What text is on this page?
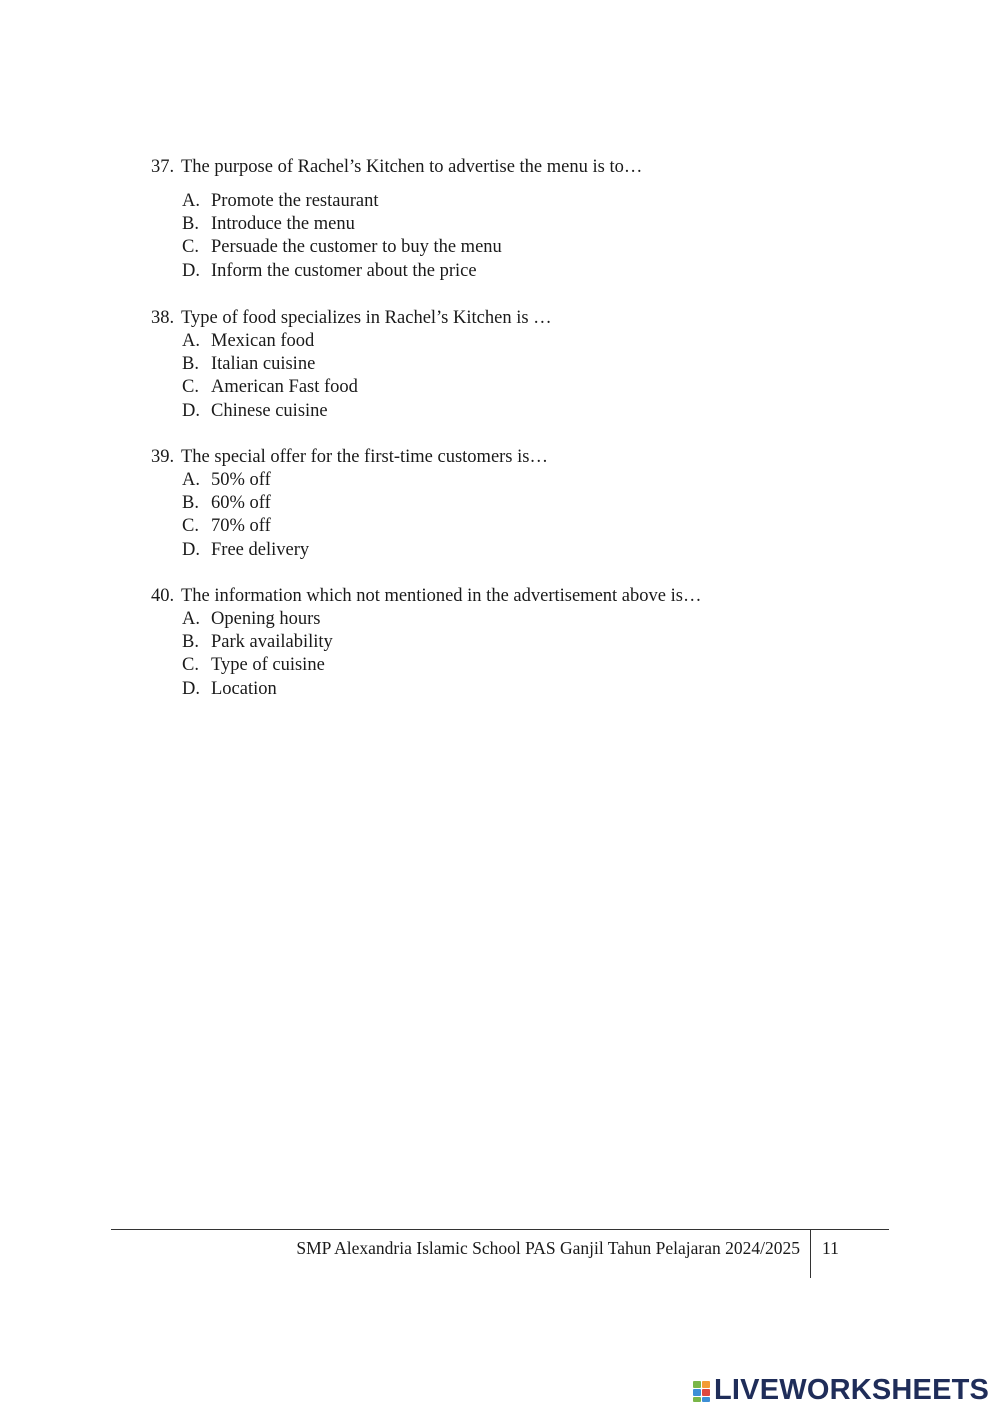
37. The purpose of Rachel’s Kitchen to advertise the menu is to…
A. Promote the restaurant
B. Introduce the menu
C. Persuade the customer to buy the menu
D. Inform the customer about the price
38. Type of food specializes in Rachel’s Kitchen is …
A. Mexican food
B. Italian cuisine
C. American Fast food
D. Chinese cuisine
39. The special offer for the first-time customers is…
A. 50% off
B. 60% off
C. 70% off
D. Free delivery
40. The information which not mentioned in the advertisement above is…
A. Opening hours
B. Park availability
C. Type of cuisine
D. Location
SMP Alexandria Islamic School PAS Ganjil Tahun Pelajaran 2024/2025 11
LIVEWORKSHEETS
